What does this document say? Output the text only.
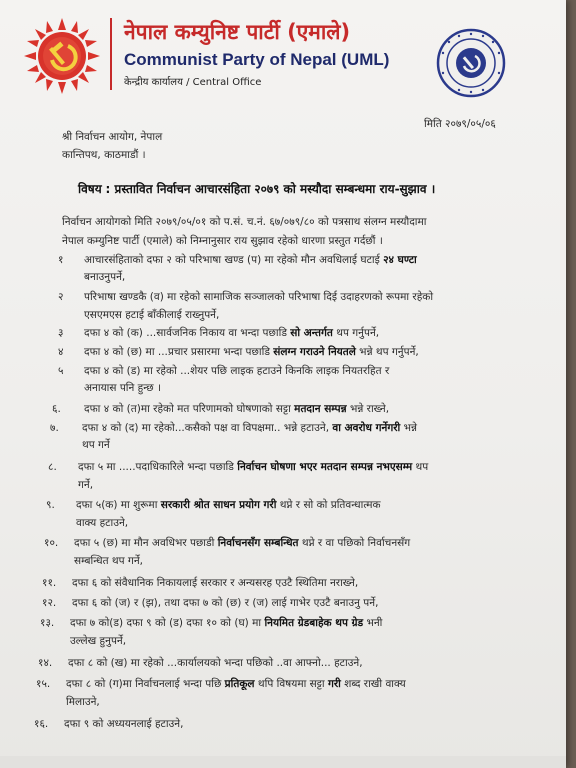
नेपाल कम्युनिष्ट पार्टी (एमाले)
Communist Party of Nepal (UML)
केन्द्रीय कार्यालय / Central Office
मिति २०७९/०५/०६
श्री निर्वाचन आयोग, नेपाल
कान्तिपथ, काठमाडौं ।
विषय : प्रस्तावित निर्वाचन आचारसंहिता २०७९ को मस्यौदा सम्बन्धमा राय-सुझाव ।
निर्वाचन आयोगको मिति २०७९/०५/०१ को प.सं. च.नं. ६७/०७९/८० को पत्रसाथ संलग्न मस्यौदामा
नेपाल कम्युनिष्ट पार्टी (एमाले) को निम्नानुसार राय सुझाव रहेको धारणा प्रस्तुत गर्दछौं ।
१ आचारसंहिताको दफा २ को परिभाषा खण्ड (प) मा रहेको मौन अवधिलाई घटाई २४ घण्टा
बनाउनुपर्ने,
२ परिभाषा खण्डकै (व) मा रहेको सामाजिक सञ्जालको परिभाषा दिई उदाहरणको रूपमा रहेको
एसएमएस हटाई बाँकीलाई राख्नुपर्ने,
३ दफा ४ को (क) ...सार्वजनिक निकाय वा भन्दा पछाडि सो अन्तर्गत थप गर्नुपर्ने,
४ दफा ४ को (छ) मा ...प्रचार प्रसारमा भन्दा पछाडि संलग्न गराउने नियतले भन्ने थप गर्नुपर्ने,
५ दफा ४ को (ड) मा रहेको ...शेयर पछि लाइक हटाउने किनकि लाइक नियतरहित र
अनायास पनि हुन्छ ।
६. दफा ४ को (त)मा रहेको मत परिणामको घोषणाको सट्टा मतदान सम्पन्न भन्ने राख्ने,
७. दफा ४ को (द) मा रहेको...कसैको पक्ष वा विपक्षमा.. भन्ने हटाउने, वा अवरोध गर्नेगरी भन्ने
थप गर्ने
८. दफा ५ मा .....पदाधिकारिले भन्दा पछाडि निर्वाचन घोषणा भएर मतदान सम्पन्न नभएसम्म थप
गर्ने,
९. दफा ५(क) मा शुरूमा सरकारी श्रोत साधन प्रयोग गरी थप्ने र सो को प्रतिवन्धात्मक
वाक्य हटाउने,
१०. दफा ५ (छ) मा मौन अवधिभर पछाडी निर्वाचनसँग सम्बन्धित थप्ने र वा पछिको निर्वाचनसँग
सम्बन्धित थप गर्ने,
११. दफा ६ को संवैधानिक निकायलाई सरकार र अन्यसरह एउटै स्थितिमा नराख्ने,
१२. दफा ६ को (ज) र (झ), तथा दफा ७ को (छ) र (ज) लाई गाभेर एउटै बनाउनु पर्ने,
१३. दफा ७ को(ड) दफा ९ को (ड) दफा १० को (घ) मा नियमित ग्रेडबाहेक थप ग्रेड भनी
उल्लेख हुनुपर्ने,
१४. दफा ८ को (ख) मा रहेको ...कार्यालयको भन्दा पछिको ..वा आफ्नो... हटाउने,
१५. दफा ८ को (ग)मा निर्वाचनलाई भन्दा पछि प्रतिकूल थपि विषयमा सट्टा गरी शब्द राखी वाक्य
मिलाउने,
१६. दफा ९ को अध्ययनलाई हटाउने,
